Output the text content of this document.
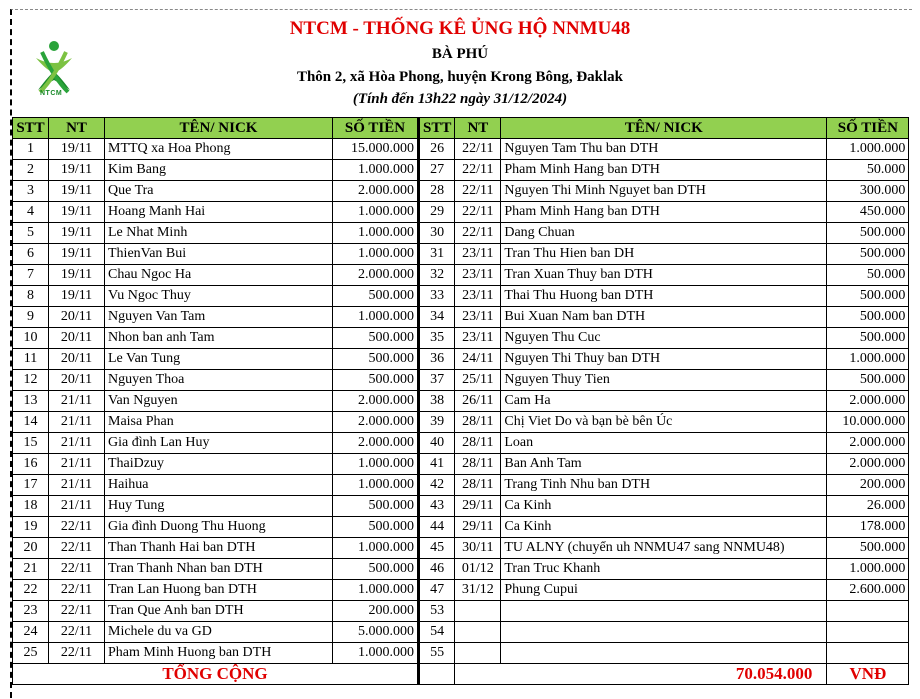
NTCM
NTCM - THỐNG KÊ ỦNG HỘ NNMU48
BÀ PHÚ
Thôn 2, xã Hòa Phong, huyện Krong Bông, Đaklak
(Tính đến 13h22 ngày 31/12/2024)
STT	NT	TÊN/ NICK	SỐ TIỀN	STT	NT	TÊN/ NICK	SỐ TIỀN
1	19/11	MTTQ xa Hoa Phong	15.000.000	26	22/11	Nguyen Tam Thu ban DTH	1.000.000
2	19/11	Kim Bang	1.000.000	27	22/11	Pham Minh Hang ban DTH	50.000
3	19/11	Que Tra	2.000.000	28	22/11	Nguyen Thi Minh Nguyet ban DTH	300.000
4	19/11	Hoang Manh Hai	1.000.000	29	22/11	Pham Minh Hang ban DTH	450.000
5	19/11	Le Nhat Minh	1.000.000	30	22/11	Dang Chuan	500.000
6	19/11	ThienVan Bui	1.000.000	31	23/11	Tran Thu Hien ban DH	500.000
7	19/11	Chau Ngoc Ha	2.000.000	32	23/11	Tran Xuan Thuy ban DTH	50.000
8	19/11	Vu Ngoc Thuy	500.000	33	23/11	Thai Thu Huong ban DTH	500.000
9	20/11	Nguyen Van Tam	1.000.000	34	23/11	Bui Xuan Nam ban DTH	500.000
10	20/11	Nhon ban anh Tam	500.000	35	23/11	Nguyen Thu Cuc	500.000
11	20/11	Le Van Tung	500.000	36	24/11	Nguyen Thi Thuy ban DTH	1.000.000
12	20/11	Nguyen Thoa	500.000	37	25/11	Nguyen Thuy Tien	500.000
13	21/11	Van Nguyen	2.000.000	38	26/11	Cam Ha	2.000.000
14	21/11	Maisa Phan	2.000.000	39	28/11	Chị Viet Do và bạn bè bên Úc	10.000.000
15	21/11	Gia đình Lan Huy	2.000.000	40	28/11	Loan	2.000.000
16	21/11	ThaiDzuy	1.000.000	41	28/11	Ban Anh Tam	2.000.000
17	21/11	Haihua	1.000.000	42	28/11	Trang Tinh Nhu ban DTH	200.000
18	21/11	Huy Tung	500.000	43	29/11	Ca Kinh	26.000
19	22/11	Gia đình Duong Thu Huong	500.000	44	29/11	Ca Kinh	178.000
20	22/11	Than Thanh Hai ban DTH	1.000.000	45	30/11	TU ALNY (chuyển uh NNMU47 sang NNMU48)	500.000
21	22/11	Tran Thanh Nhan ban DTH	500.000	46	01/12	Tran Truc Khanh	1.000.000
22	22/11	Tran Lan Huong ban DTH	1.000.000	47	31/12	Phung Cupui	2.600.000
23	22/11	Tran Que Anh ban DTH	200.000	53			
24	22/11	Michele du va GD	5.000.000	54			
25	22/11	Pham Minh Huong ban DTH	1.000.000	55			
TỔNG CỘNG					70.054.000		VNĐ
